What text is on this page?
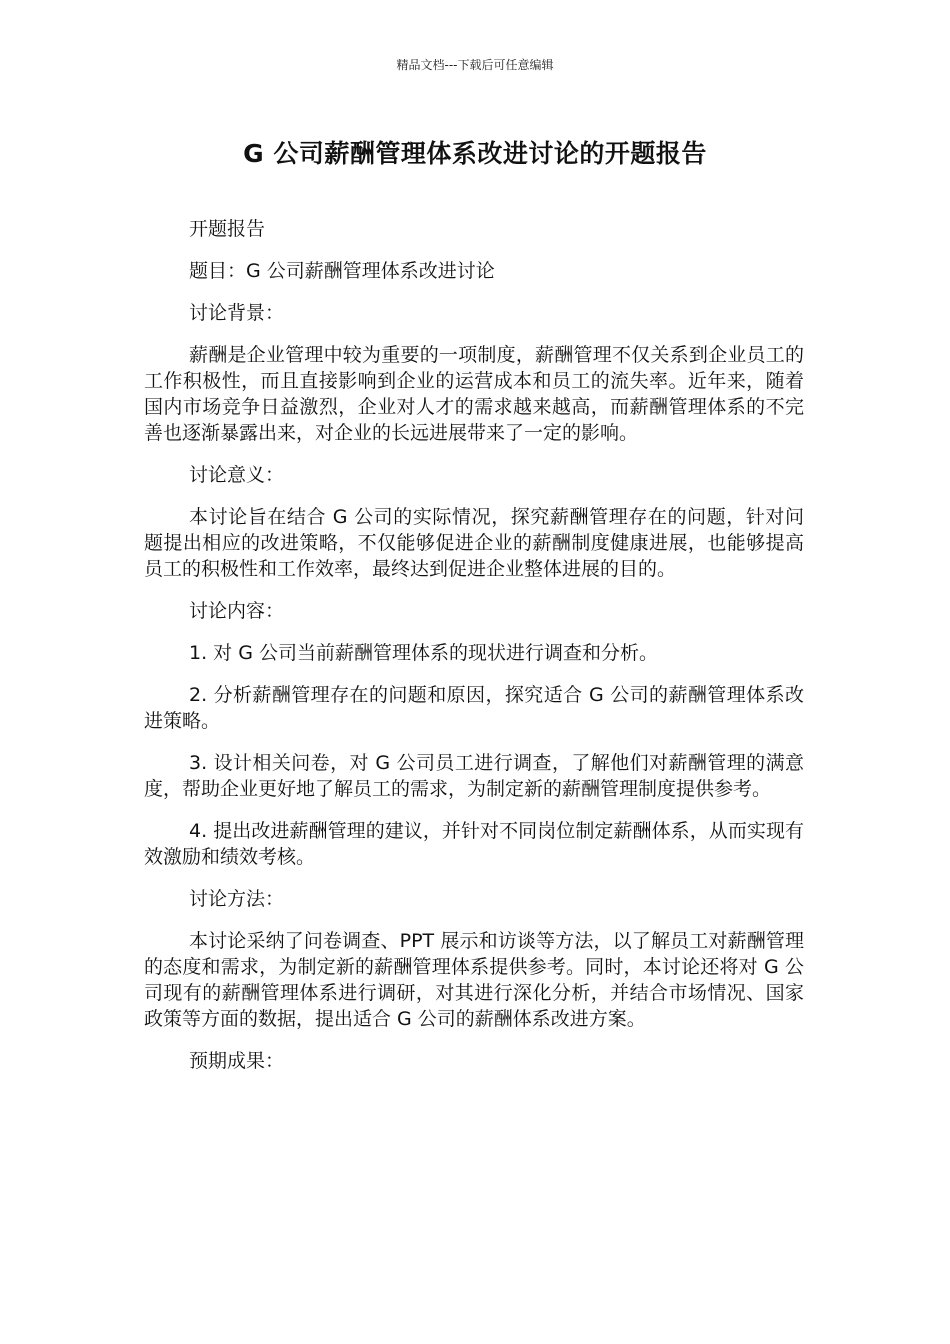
精品文档---下载后可任意编辑
G 公司薪酬管理体系改进讨论的开题报告

开题报告

题目：G 公司薪酬管理体系改进讨论

讨论背景：

薪酬是企业管理中较为重要的一项制度，薪酬管理不仅关系到企业员工的工作积极性，而且直接影响到企业的运营成本和员工的流失率。近年来，随着国内市场竞争日益激烈，企业对人才的需求越来越高，而薪酬管理体系的不完善也逐渐暴露出来，对企业的长远进展带来了一定的影响。

讨论意义：

本讨论旨在结合 G 公司的实际情况，探究薪酬管理存在的问题，针对问题提出相应的改进策略，不仅能够促进企业的薪酬制度健康进展，也能够提高员工的积极性和工作效率，最终达到促进企业整体进展的目的。

讨论内容：

1. 对 G 公司当前薪酬管理体系的现状进行调查和分析。

2. 分析薪酬管理存在的问题和原因，探究适合 G 公司的薪酬管理体系改进策略。

3. 设计相关问卷，对 G 公司员工进行调查，了解他们对薪酬管理的满意度，帮助企业更好地了解员工的需求，为制定新的薪酬管理制度提供参考。

4. 提出改进薪酬管理的建议，并针对不同岗位制定薪酬体系，从而实现有效激励和绩效考核。

讨论方法：

本讨论采纳了问卷调查、PPT 展示和访谈等方法，以了解员工对薪酬管理的态度和需求，为制定新的薪酬管理体系提供参考。同时，本讨论还将对 G 公司现有的薪酬管理体系进行调研，对其进行深化分析，并结合市场情况、国家政策等方面的数据，提出适合 G 公司的薪酬体系改进方案。

预期成果：
